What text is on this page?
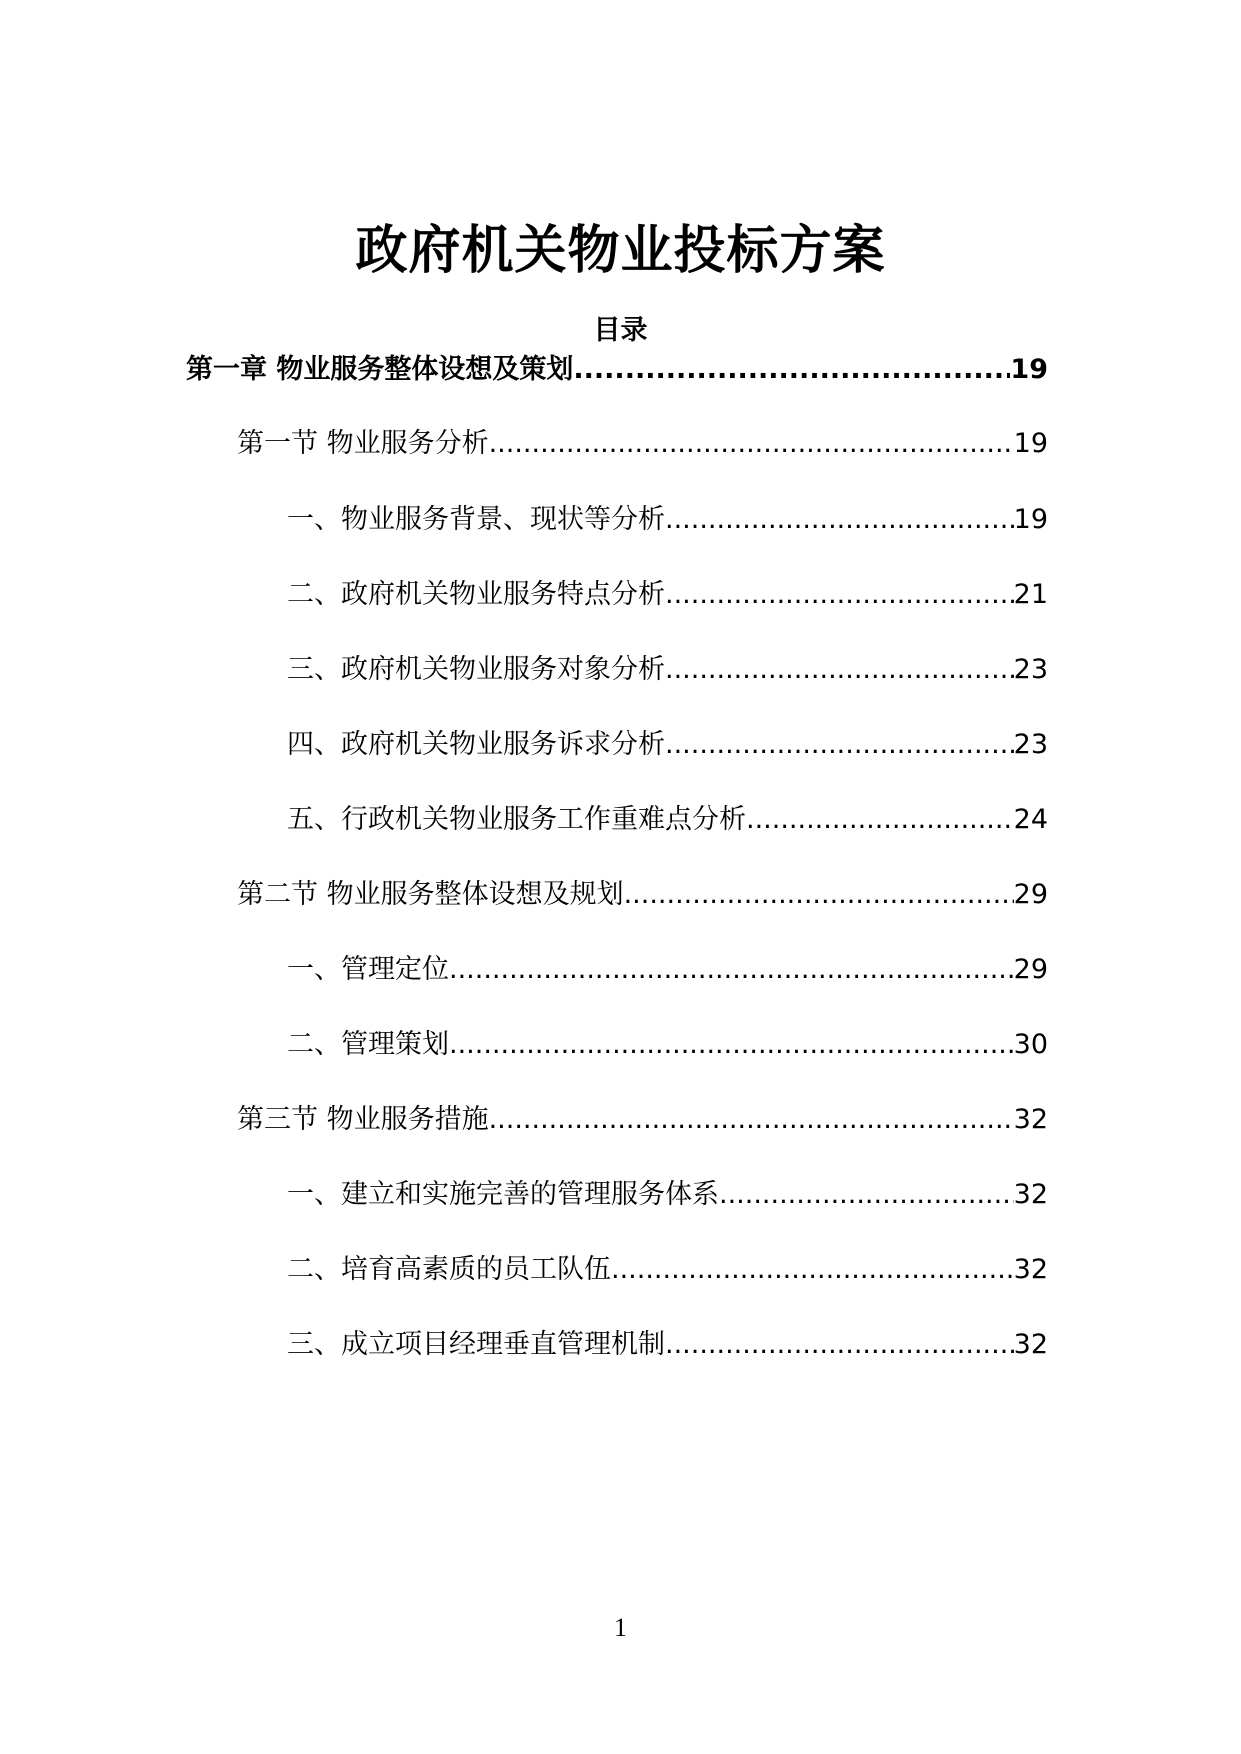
政府机关物业投标方案
目录
第一章 物业服务整体设想及策划 .....	19
第一节 物业服务分析 .....	19
一、物业服务背景、现状等分析 .....	19
二、政府机关物业服务特点分析 .....	21
三、政府机关物业服务对象分析 .....	23
四、政府机关物业服务诉求分析 .....	23
五、行政机关物业服务工作重难点分析 .....	24
第二节 物业服务整体设想及规划 .....	29
一、管理定位 .....	29
二、管理策划 .....	30
第三节 物业服务措施 .....	32
一、建立和实施完善的管理服务体系 .....	32
二、培育高素质的员工队伍 .....	32
三、成立项目经理垂直管理机制 .....	32
1
